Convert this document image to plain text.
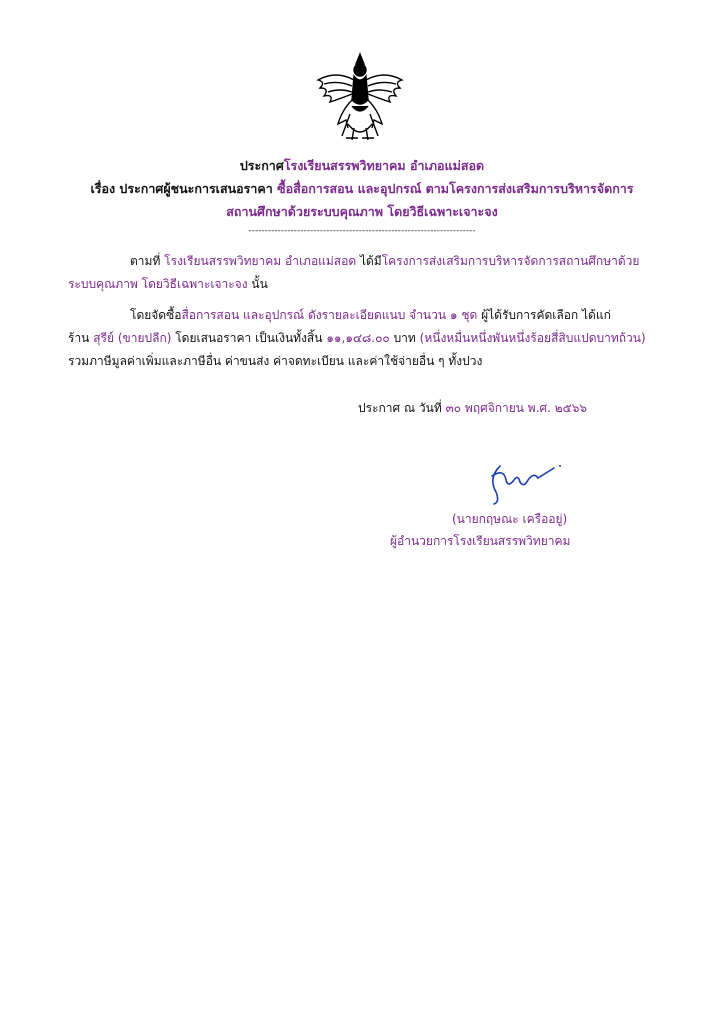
ประกาศโรงเรียนสรรพวิทยาคม อำเภอแม่สอด
เรื่อง ประกาศผู้ชนะการเสนอราคา ซื้อสื่อการสอน และอุปกรณ์ ตามโครงการส่งเสริมการบริหารจัดการ
สถานศึกษาด้วยระบบคุณภาพ โดยวิธีเฉพาะเจาะจง
----------------------------------------------------------------------
ตามที่ โรงเรียนสรรพวิทยาคม อำเภอแม่สอด ได้มีโครงการส่งเสริมการบริหารจัดการสถานศึกษาด้วย
ระบบคุณภาพ โดยวิธีเฉพาะเจาะจง นั้น
โดยจัดซื้อสื่อการสอน และอุปกรณ์ ดังรายละเอียดแนบ จำนวน ๑ ชุด ผู้ได้รับการคัดเลือก ได้แก่
ร้าน สุรีย์ (ขายปลีก) โดยเสนอราคา เป็นเงินทั้งสิ้น ๑๑,๑๔๘.๐๐ บาท (หนึ่งหมื่นหนึ่งพันหนึ่งร้อยสี่สิบแปดบาทถ้วน)
รวมภาษีมูลค่าเพิ่มและภาษีอื่น ค่าขนส่ง ค่าจดทะเบียน และค่าใช้จ่ายอื่น ๆ ทั้งปวง
ประกาศ ณ วันที่ ๓๐ พฤศจิกายน พ.ศ. ๒๕๖๖
(นายกฤษณะ เครืออยู่)
ผู้อำนวยการโรงเรียนสรรพวิทยาคม
